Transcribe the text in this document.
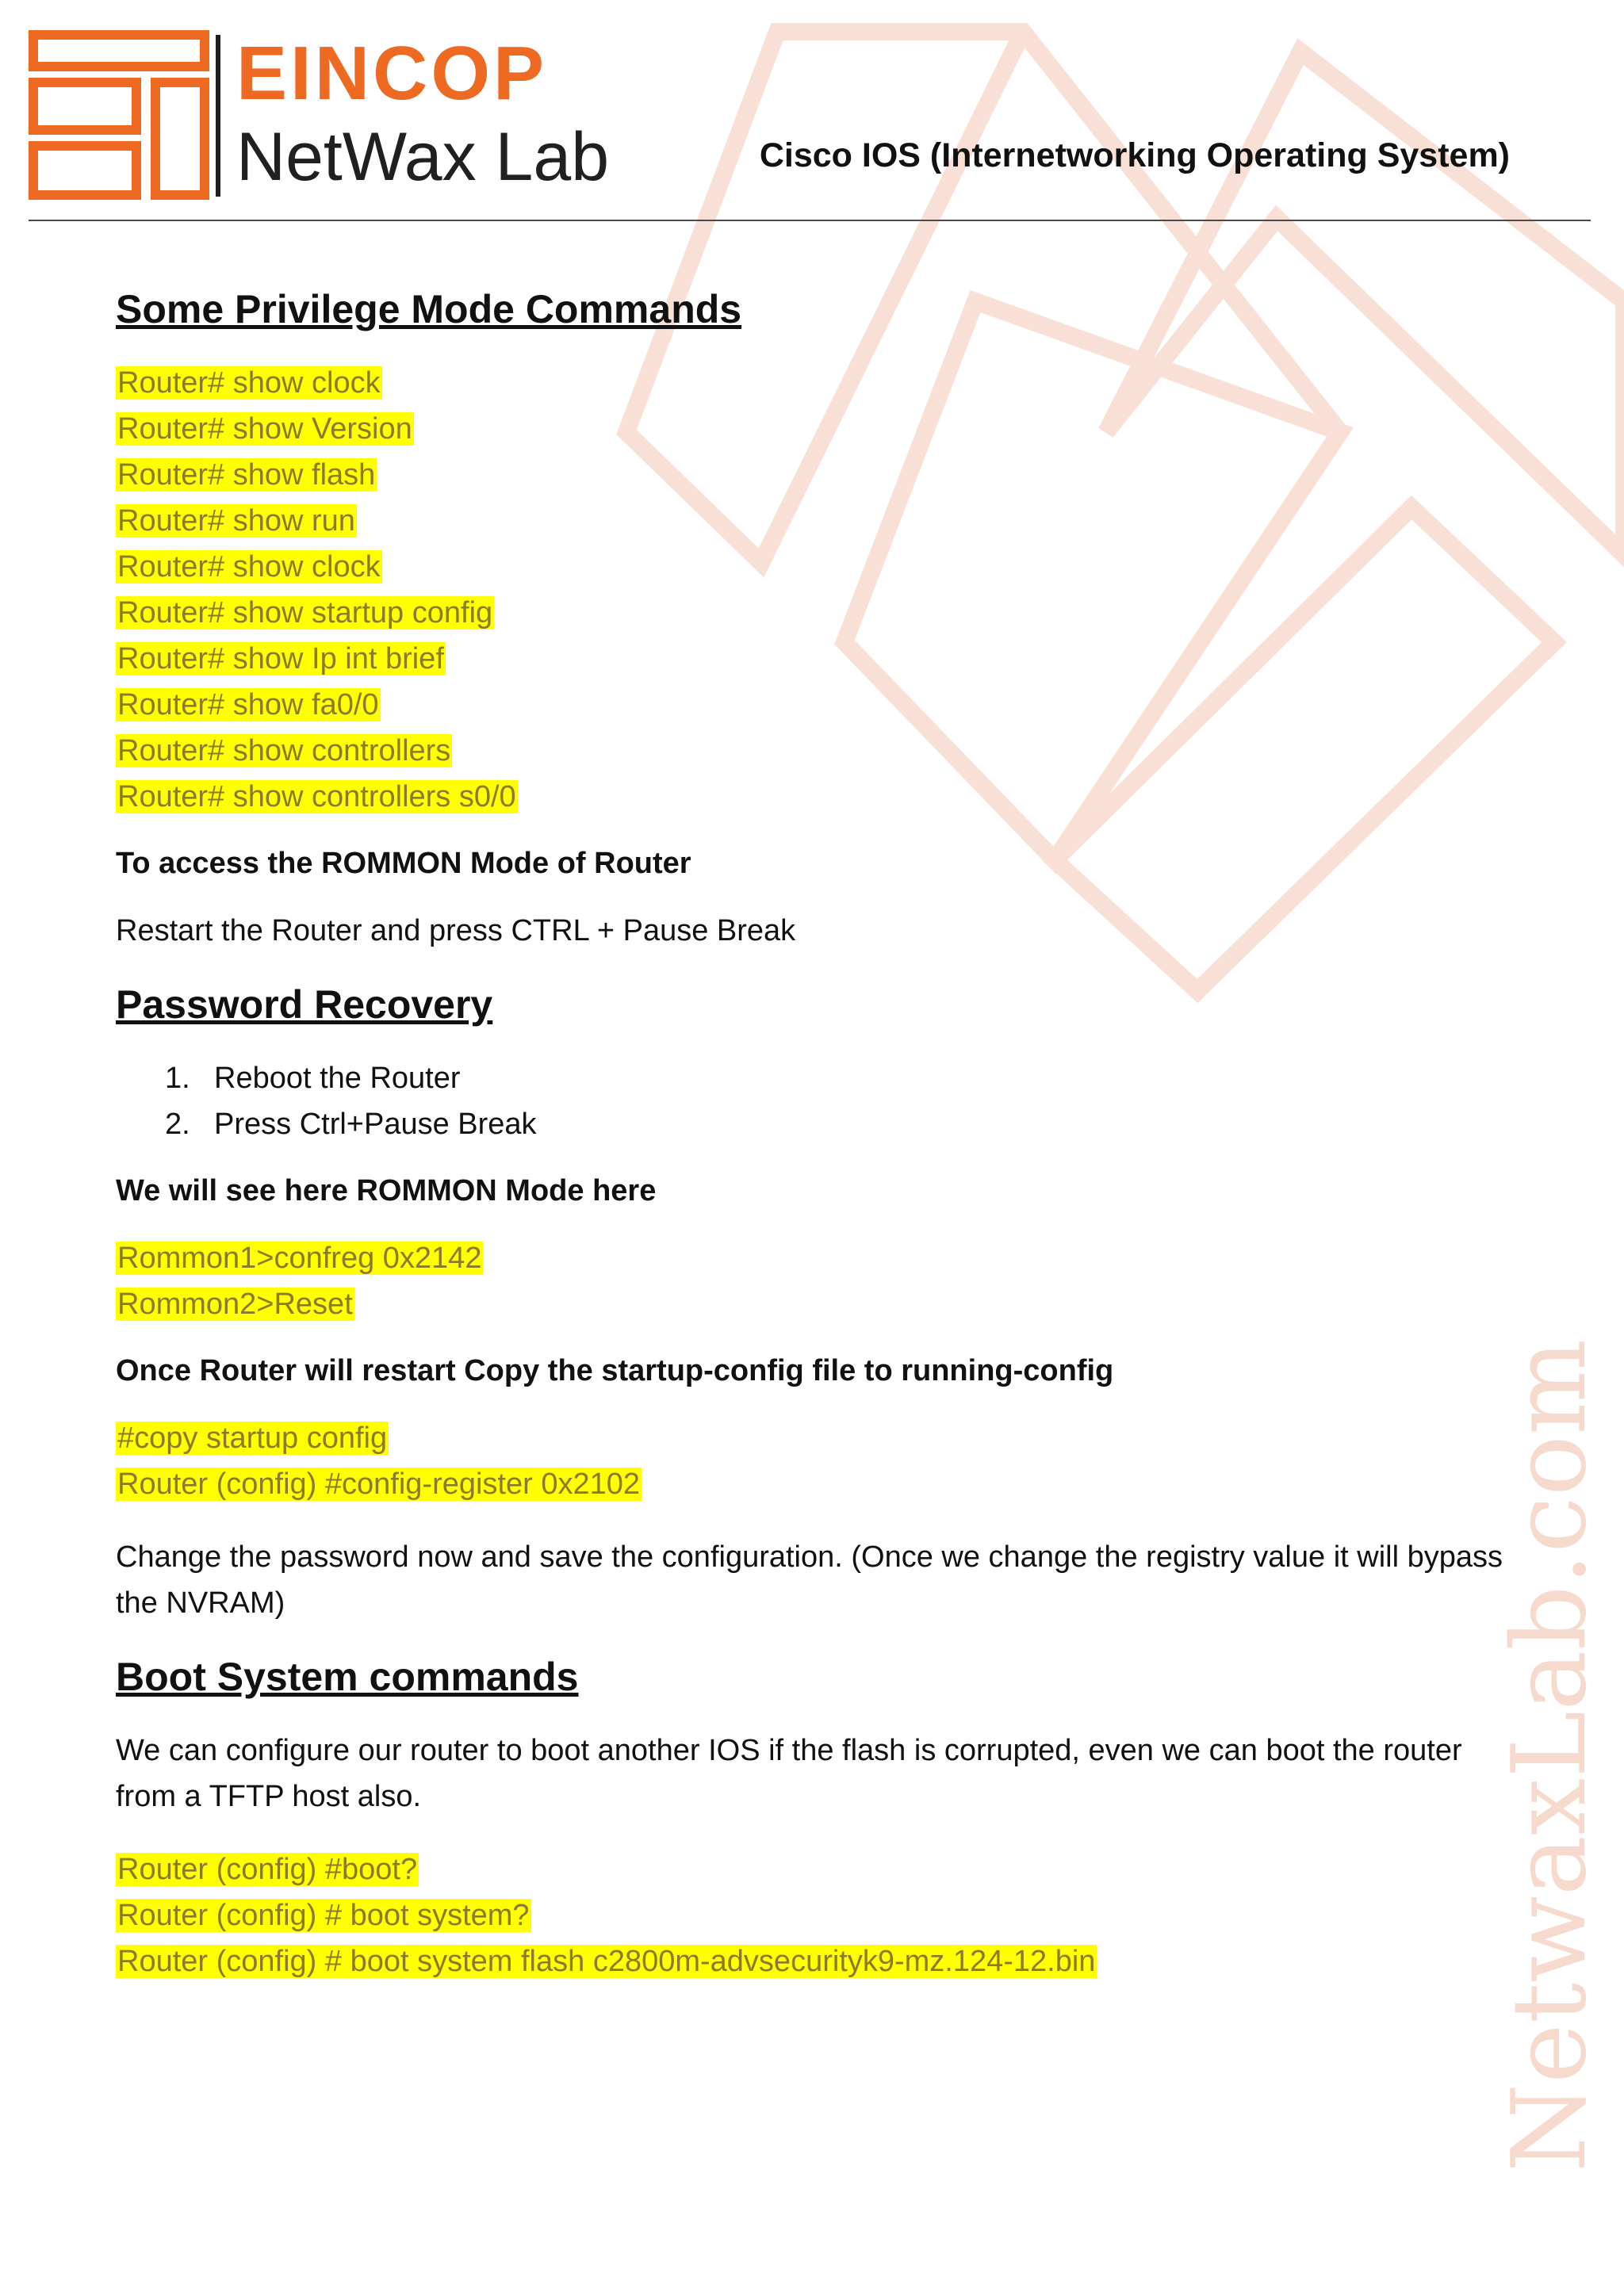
NetwaxLab.com
EINCOP
NetWax Lab	Cisco IOS (Internetworking Operating System)
Some Privilege Mode Commands
Router# show clock
Router# show Version
Router# show flash
Router# show run
Router# show clock
Router# show startup config
Router# show Ip int brief
Router# show fa0/0
Router# show controllers
Router# show controllers s0/0
To access the ROMMON Mode of Router
Restart the Router and press CTRL + Pause Break
Password Recovery
1. Reboot the Router
2. Press Ctrl+Pause Break
We will see here ROMMON Mode here
Rommon1>confreg 0x2142
Rommon2>Reset
Once Router will restart Copy the startup-config file to running-config
#copy startup config
Router (config) #config-register 0x2102
Change the password now and save the configuration. (Once we change the registry value it will bypass the NVRAM)
Boot System commands
We can configure our router to boot another IOS if the flash is corrupted, even we can boot the router from a TFTP host also.
Router (config) #boot?
Router (config) # boot system?
Router (config) # boot system flash c2800m-advsecurityk9-mz.124-12.bin
